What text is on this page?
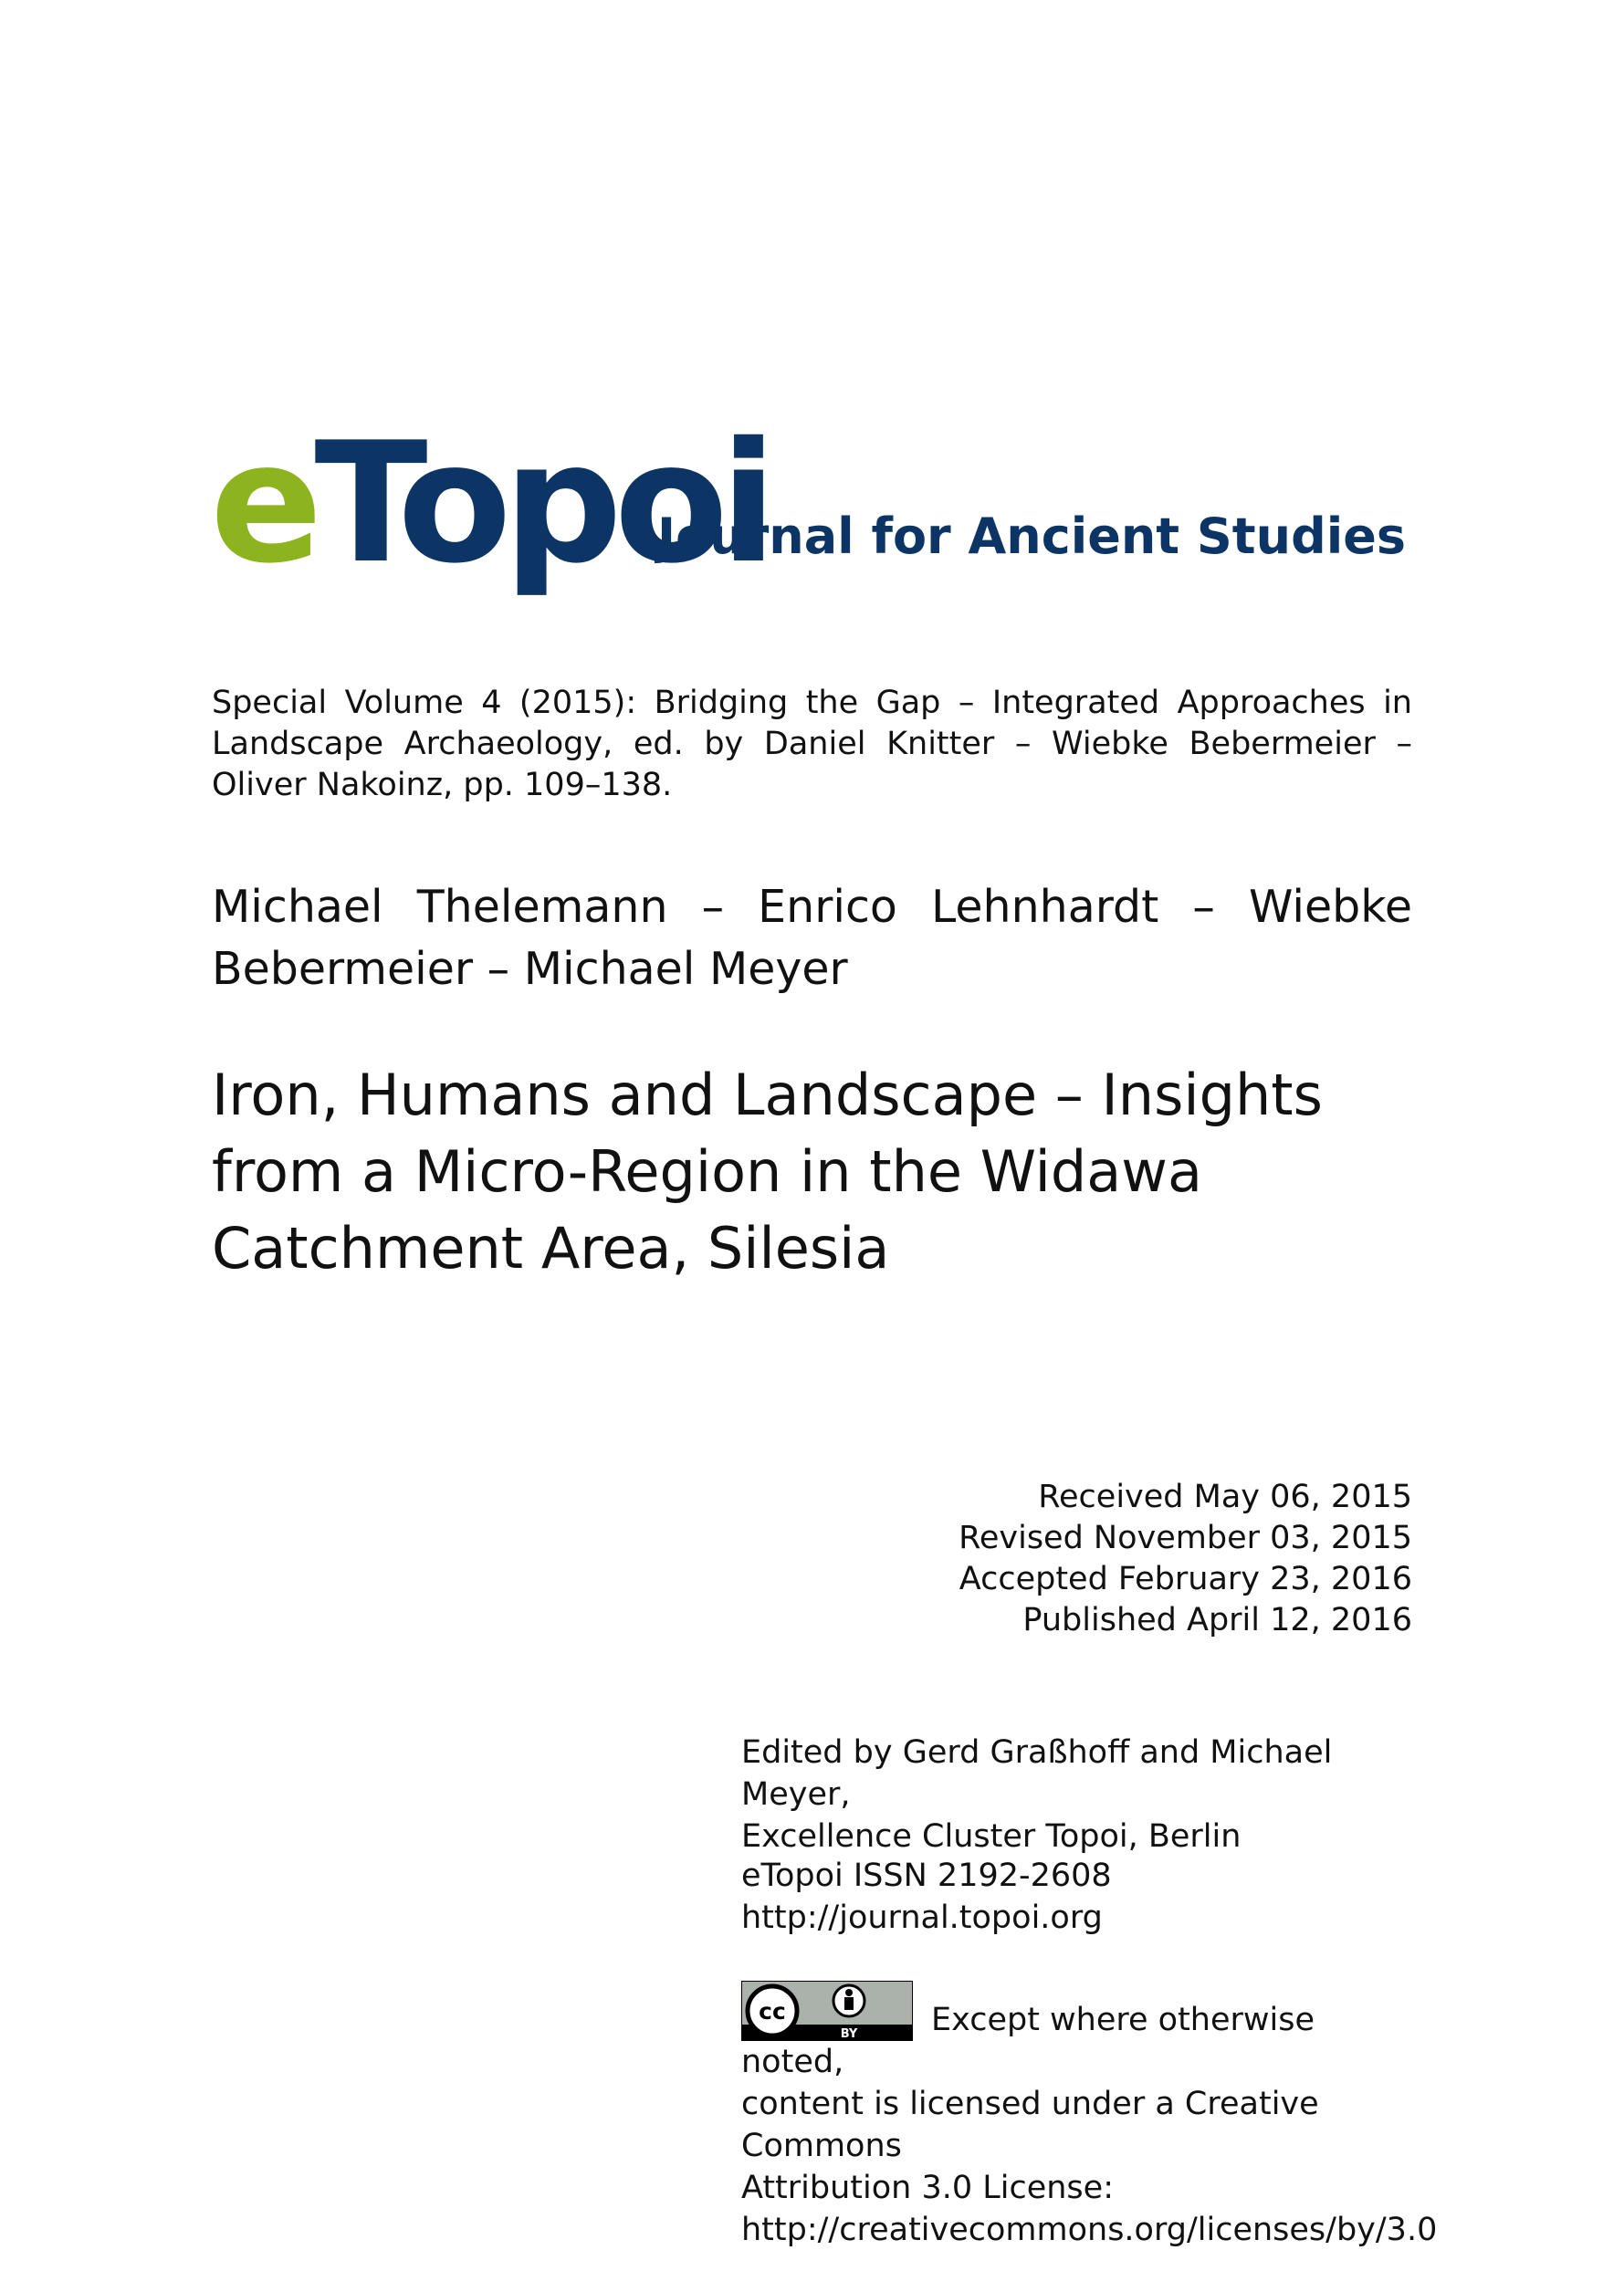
eTopoi
Journal for Ancient Studies
Special Volume 4 (2015): Bridging the Gap – Integrated Approaches in Landscape Archaeology, ed. by Daniel Knitter – Wiebke Bebermeier – Oliver Nakoinz, pp. 109–138.
Michael Thelemann – Enrico Lehnhardt – Wiebke Bebermeier – Michael Meyer
Iron, Humans and Landscape – Insights from a Micro-Region in the Widawa Catchment Area, Silesia
Received May 06, 2015
Revised November 03, 2015
Accepted February 23, 2016
Published April 12, 2016
Edited by Gerd Graßhoff and Michael Meyer,
Excellence Cluster Topoi, Berlin
eTopoi ISSN 2192-2608
http://journal.topoi.org
cc
BY Except where otherwise noted,
content is licensed under a Creative Commons
Attribution 3.0 License:
http://creativecommons.org/licenses/by/3.0
